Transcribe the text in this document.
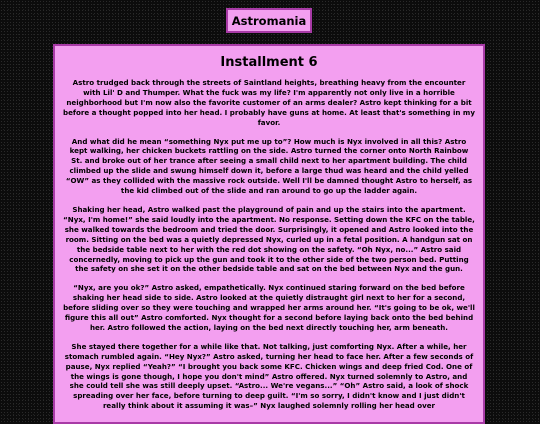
Astromania
Installment 6

Astro trudged back through the streets of Saintland heights, breathing heavy from the encounter with Lil' D and Thumper. What the fuck was my life? I'm apparently not only live in a horrible neighborhood but I'm now also the favorite customer of an arms dealer? Astro kept thinking for a bit before a thought popped into her head. I probably have guns at home. At least that's something in my favor.

And what did he mean “something Nyx put me up to”? How much is Nyx involved in all this? Astro kept walking, her chicken buckets rattling on the side. Astro turned the corner onto North Rainbow St. and broke out of her trance after seeing a small child next to her apartment building. The child climbed up the slide and swung himself down it, before a large thud was heard and the child yelled “OW” as they collided with the massive rock outside. Well I'll be damned thought Astro to herself, as the kid climbed out of the slide and ran around to go up the ladder again.

Shaking her head, Astro walked past the playground of pain and up the stairs into the apartment. “Nyx, I'm home!” she said loudly into the apartment. No response. Setting down the KFC on the table, she walked towards the bedroom and tried the door. Surprisingly, it opened and Astro looked into the room. Sitting on the bed was a quietly depressed Nyx, curled up in a fetal position. A handgun sat on the bedside table next to her with the red dot showing on the safety. “Oh Nyx, no...” Astro said concernedly, moving to pick up the gun and took it to the other side of the two person bed. Putting the safety on she set it on the other bedside table and sat on the bed between Nyx and the gun.

“Nyx, are you ok?” Astro asked, empathetically. Nyx continued staring forward on the bed before shaking her head side to side. Astro looked at the quietly distraught girl next to her for a second, before sliding over so they were touching and wrapped her arms around her. “It's going to be ok, we'll figure this all out” Astro comforted. Nyx thought for a second before laying back onto the bed behind her. Astro followed the action, laying on the bed next directly touching her, arm beneath.

She stayed there together for a while like that. Not talking, just comforting Nyx. After a while, her stomach rumbled again. “Hey Nyx?” Astro asked, turning her head to face her. After a few seconds of pause, Nyx replied “Yeah?” “I brought you back some KFC. Chicken wings and deep fried Cod. One of the wings is gone though, I hope you don't mind” Astro offered. Nyx turned solemnly to Astro, and she could tell she was still deeply upset. “Astro... We're vegans...” “Oh” Astro said, a look of shock spreading over her face, before turning to deep guilt. “I'm so sorry, I didn't know and I just didn't really think about it assuming it was–” Nyx laughed solemnly rolling her head over
